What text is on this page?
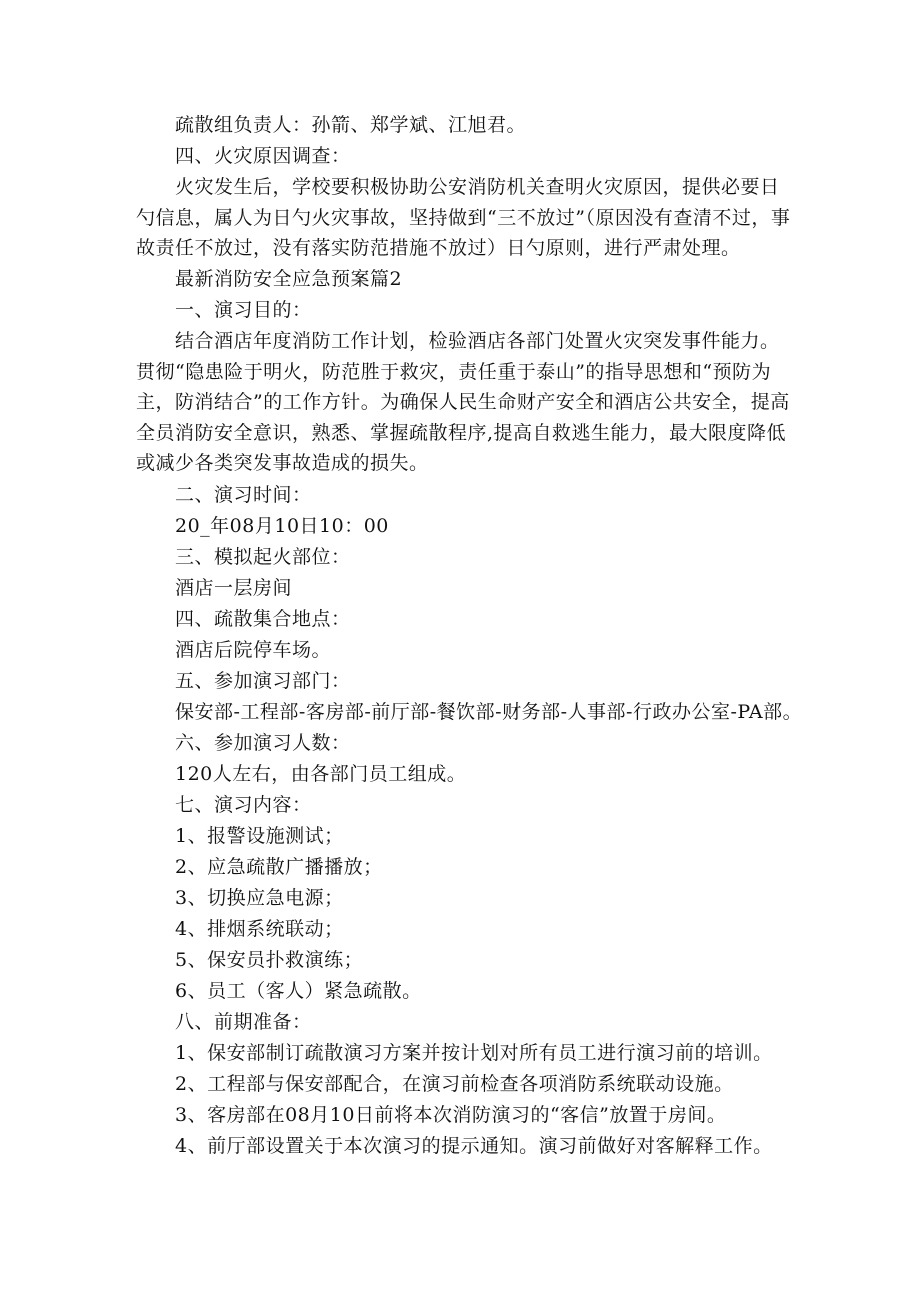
疏散组负责人：孙箭、郑学斌、江旭君。
四、火灾原因调查：
火灾发生后，学校要积极协助公安消防机关查明火灾原因，提供必要日勺信息，属人为日勺火灾事故，坚持做到“三不放过”（原因没有查清不过，事故责任不放过，没有落实防范措施不放过）日勺原则，进行严肃处理。
最新消防安全应急预案篇2
一、演习目的：
结合酒店年度消防工作计划，检验酒店各部门处置火灾突发事件能力。贯彻“隐患险于明火，防范胜于救灾，责任重于泰山”的指导思想和“预防为主，防消结合”的工作方针。为确保人民生命财产安全和酒店公共安全，提高全员消防安全意识，熟悉、掌握疏散程序,提高自救逃生能力，最大限度降低或减少各类突发事故造成的损失。
二、演习时间：
20_年08月10日10：00
三、模拟起火部位：
酒店一层房间
四、疏散集合地点：
酒店后院停车场。
五、参加演习部门：
保安部-工程部-客房部-前厅部-餐饮部-财务部-人事部-行政办公室-PA部。
六、参加演习人数：
120人左右，由各部门员工组成。
七、演习内容：
1、报警设施测试；
2、应急疏散广播播放；
3、切换应急电源；
4、排烟系统联动；
5、保安员扑救演练；
6、员工（客人）紧急疏散。
八、前期准备：
1、保安部制订疏散演习方案并按计划对所有员工进行演习前的培训。
2、工程部与保安部配合，在演习前检查各项消防系统联动设施。
3、客房部在08月10日前将本次消防演习的“客信”放置于房间。
4、前厅部设置关于本次演习的提示通知。演习前做好对客解释工作。
